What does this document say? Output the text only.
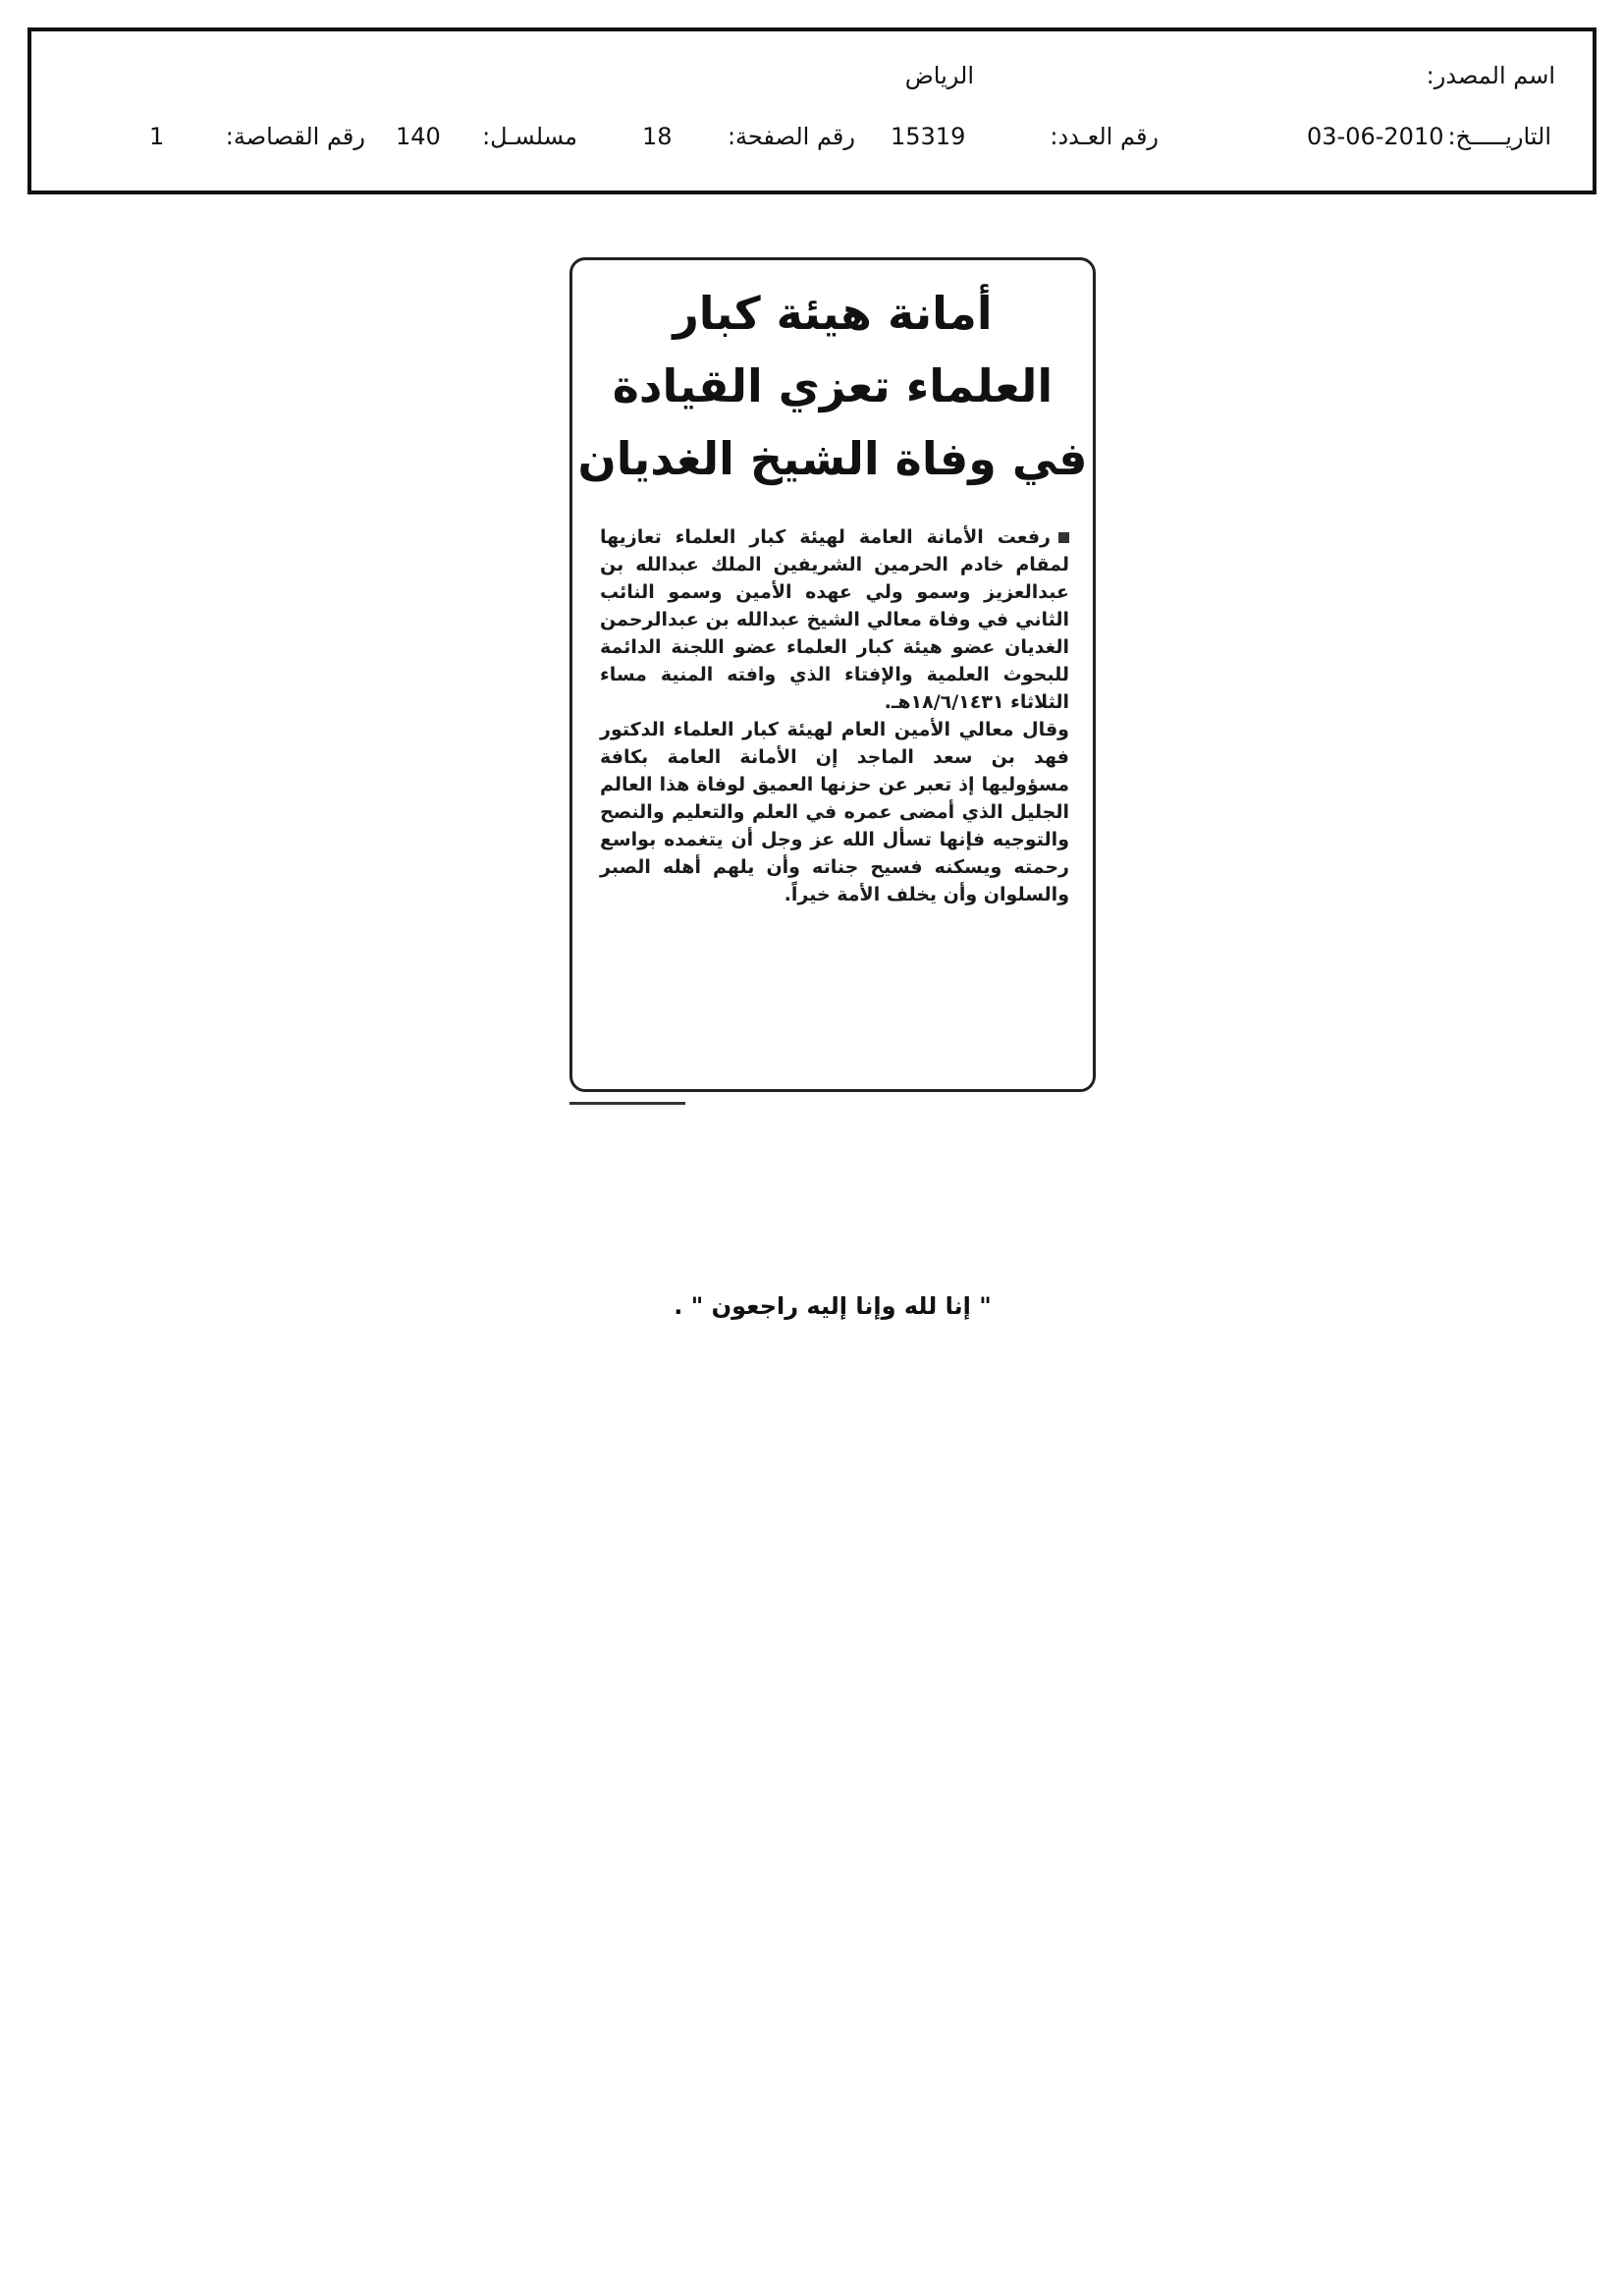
اسم المصدر:
الرياض
التاريـــــخ:
03-06-2010
رقم العـدد:
15319
رقم الصفحة:
18
مسلسـل:
140
رقم القصاصة:
1
أمانة هيئة كبار
العلماء تعزي القيادة
في وفاة الشيخ الغديان

رفعت الأمانة العامة لهيئة كبار العلماء تعازيها لمقام خادم الحرمين الشريفين الملك عبدالله بن عبدالعزيز وسمو ولي عهده الأمين وسمو النائب الثاني في وفاة معالي الشيخ عبدالله بن عبدالرحمن الغديان عضو هيئة كبار العلماء عضو اللجنة الدائمة للبحوث العلمية والإفتاء الذي وافته المنية مساء الثلاثاء ١٨/٦/١٤٣١هـ.

وقال معالي الأمين العام لهيئة كبار العلماء الدكتور فهد بن سعد الماجد إن الأمانة العامة بكافة مسؤوليها إذ تعبر عن حزنها العميق لوفاة هذا العالم الجليل الذي أمضى عمره في العلم والتعليم والنصح والتوجيه فإنها تسأل الله عز وجل أن يتغمده بواسع رحمته ويسكنه فسيح جناته وأن يلهم أهله الصبر والسلوان وأن يخلف الأمة خيراً.

" إنا لله وإنا إليه راجعون " .
